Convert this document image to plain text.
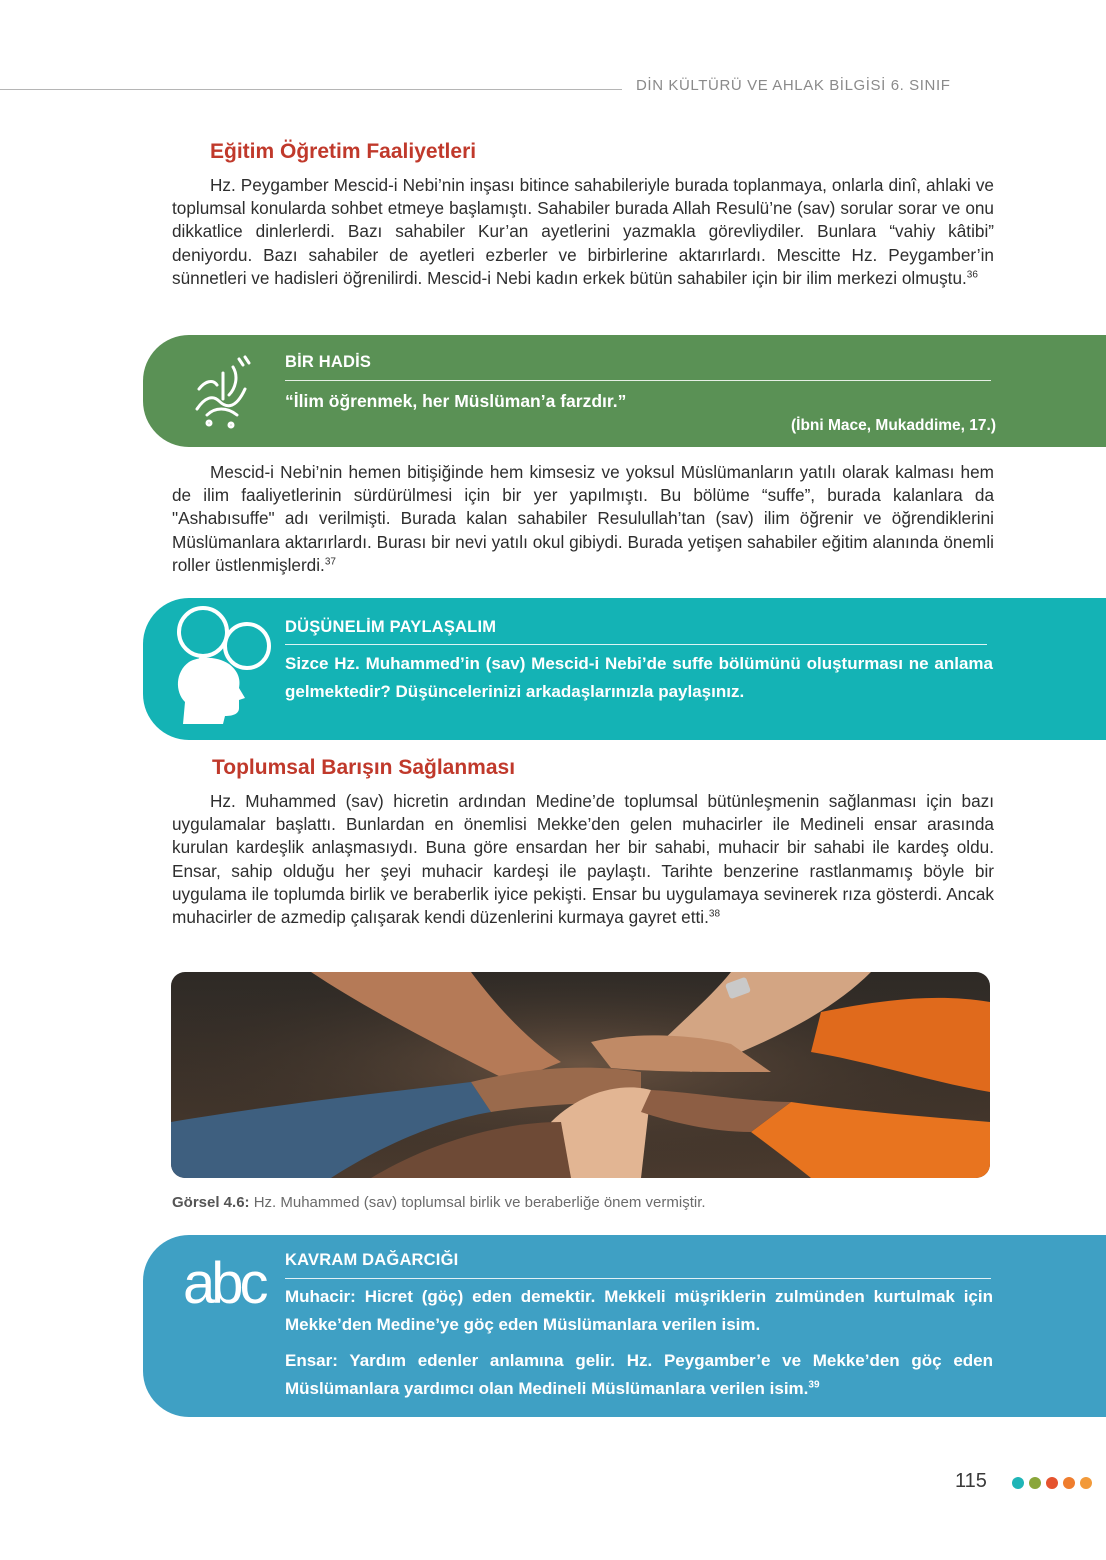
DİN KÜLTÜRÜ VE AHLAK BİLGİSİ 6. SINIF
Eğitim Öğretim Faaliyetleri

Hz. Peygamber Mescid-i Nebi’nin inşası bitince sahabileriyle burada toplanmaya, onlarla dinî, ahlaki ve toplumsal konularda sohbet etmeye başlamıştı. Sahabiler burada Allah Resulü’ne (sav) sorular sorar ve onu dikkatlice dinlerlerdi. Bazı sahabiler Kur’an ayetlerini yazmakla görevliydiler. Bunlara “vahiy kâtibi” deniyordu. Bazı sahabiler de ayetleri ezberler ve birbirlerine aktarırlardı. Mescitte Hz. Peygamber’in sünnetleri ve hadisleri öğrenilirdi. Mescid-i Nebi kadın erkek bütün sahabiler için bir ilim merkezi olmuştu.$^{36}$

BİR HADİS
“İlim öğrenmek, her Müslüman’a farzdır.”
(İbni Mace, Mukaddime, 17.)

Mescid-i Nebi’nin hemen bitişiğinde hem kimsesiz ve yoksul Müslümanların yatılı olarak kalması hem de ilim faaliyetlerinin sürdürülmesi için bir yer yapılmıştı. Bu bölüme “suffe”, burada kalanlara da "Ashabısuffe" adı verilmişti. Burada kalan sahabiler Resulullah’tan (sav) ilim öğrenir ve öğrendiklerini Müslümanlara aktarırlardı. Burası bir nevi yatılı okul gibiydi. Burada yetişen sahabiler eğitim alanında önemli roller üstlenmişlerdi.$^{37}$

DÜŞÜNELİM PAYLAŞALIM

Sizce Hz. Muhammed’in (sav) Mescid-i Nebi’de suffe bölümünü oluşturması ne anlama gelmektedir? Düşüncelerinizi arkadaşlarınızla paylaşınız.

Toplumsal Barışın Sağlanması

Hz. Muhammed (sav) hicretin ardından Medine’de toplumsal bütünleşmenin sağlanması için bazı uygulamalar başlattı. Bunlardan en önemlisi Mekke’den gelen muhacirler ile Medineli ensar arasında kurulan kardeşlik anlaşmasıydı. Buna göre ensardan her bir sahabi, muhacir bir sahabi ile kardeş oldu. Ensar, sahip olduğu her şeyi muhacir kardeşi ile paylaştı. Tarihte benzerine rastlanmamış böyle bir uygulama ile toplumda birlik ve beraberlik iyice pekişti. Ensar bu uygulamaya sevinerek rıza gösterdi. Ancak muhacirler de azmedip çalışarak kendi düzenlerini kurmaya gayret etti.$^{38}$

Görsel 4.6: Hz. Muhammed (sav) toplumsal birlik ve beraberliğe önem vermiştir.
abc KAVRAM DAĞARCIĞI

Muhacir: Hicret (göç) eden demektir. Mekkeli müşriklerin zulmünden kurtulmak için Mekke’den Medine’ye göç eden Müslümanlara verilen isim.

Ensar: Yardım edenler anlamına gelir. Hz. Peygamber’e ve Mekke’den göç eden Müslümanlara yardımcı olan Medineli Müslümanlara verilen isim.$^{39}$

115
